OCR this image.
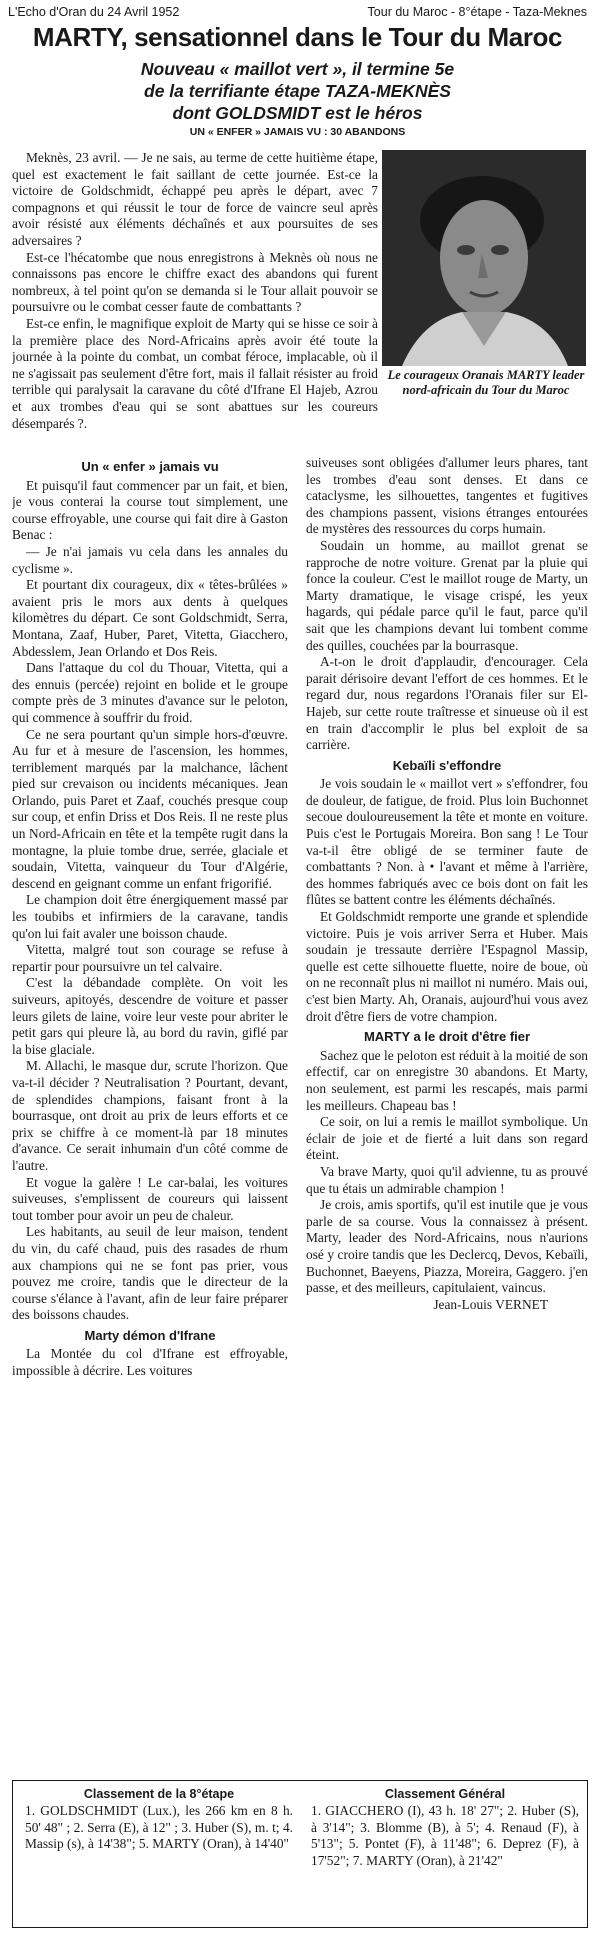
L'Echo d'Oran du 24 Avril 1952	Tour du Maroc - 8°étape - Taza-Meknes
MARTY, sensationnel dans le Tour du Maroc
Nouveau « maillot vert », il termine 5e
de la terrifiante étape TAZA-MEKNÈS
dont GOLDSMIDT est le héros
UN « ENFER » JAMAIS VU : 30 ABANDONS

Meknès, 23 avril. — Je ne sais, au terme de cette huitième étape, quel est exactement le fait saillant de cette journée. Est-ce la victoire de Goldschmidt, échappé peu après le départ, avec 7 compagnons et qui réussit le tour de force de vaincre seul après avoir résisté aux éléments déchaînés et aux poursuites de ses adversaires ?

Est-ce l'hécatombe que nous enregistrons à Meknès où nous ne connaissons pas encore le chiffre exact des abandons qui furent nombreux, à tel point qu'on se demanda si le Tour allait pouvoir se poursuivre ou le combat cesser faute de combattants ?

Est-ce enfin, le magnifique exploit de Marty qui se hisse ce soir à la première place des Nord-Africains après avoir été toute la journée à la pointe du combat, un combat féroce, implacable, où il ne s'agissait pas seulement d'être fort, mais il fallait résister au froid terrible qui paralysait la caravane du côté d'Ifrane El Hajeb, Azrou et aux trombes d'eau qui se sont abattues sur les coureurs désemparés ?.

Le courageux Oranais MARTY leader nord-africain du Tour du Maroc
Un « enfer » jamais vu

Et puisqu'il faut commencer par un fait, et bien, je vous conterai la course tout simplement, une course effroyable, une course qui fait dire à Gaston Benac :

— Je n'ai jamais vu cela dans les annales du cyclisme ».

Et pourtant dix courageux, dix « têtes-brûlées » avaient pris le mors aux dents à quelques kilomètres du départ. Ce sont Goldschmidt, Serra, Montana, Zaaf, Huber, Paret, Vitetta, Giacchero, Abdesslem, Jean Orlando et Dos Reis.

Dans l'attaque du col du Thouar, Vitetta, qui a des ennuis (percée) rejoint en bolide et le groupe compte près de 3 minutes d'avance sur le peloton, qui commence à souffrir du froid.

Ce ne sera pourtant qu'un simple hors-d'œuvre. Au fur et à mesure de l'ascension, les hommes, terriblement marqués par la malchance, lâchent pied sur crevaison ou incidents mécaniques. Jean Orlando, puis Paret et Zaaf, couchés presque coup sur coup, et enfin Driss et Dos Reis. Il ne reste plus un Nord-Africain en tête et la tempête rugit dans la montagne, la pluie tombe drue, serrée, glaciale et soudain, Vitetta, vainqueur du Tour d'Algérie, descend en geignant comme un enfant frigorifié.

Le champion doit être énergiquement massé par les toubibs et infirmiers de la caravane, tandis qu'on lui fait avaler une boisson chaude.

Vitetta, malgré tout son courage se refuse à repartir pour poursuivre un tel calvaire.

C'est la débandade complète. On voit les suiveurs, apitoyés, descendre de voiture et passer leurs gilets de laine, voire leur veste pour abriter le petit gars qui pleure là, au bord du ravin, giflé par la bise glaciale.

M. Allachi, le masque dur, scrute l'horizon. Que va-t-il décider ? Neutralisation ? Pourtant, devant, de splendides champions, faisant front à la bourrasque, ont droit au prix de leurs efforts et ce prix se chiffre à ce moment-là par 18 minutes d'avance. Ce serait inhumain d'un côté comme de l'autre.

Et vogue la galère ! Le car-balai, les voitures suiveuses, s'emplissent de coureurs qui laissent tout tomber pour avoir un peu de chaleur.

Les habitants, au seuil de leur maison, tendent du vin, du café chaud, puis des rasades de rhum aux champions qui ne se font pas prier, vous pouvez me croire, tandis que le directeur de la course s'élance à l'avant, afin de leur faire préparer des boissons chaudes.

Marty démon d'Ifrane

La Montée du col d'Ifrane est effroyable, impossible à décrire. Les voitures

suiveuses sont obligées d'allumer leurs phares, tant les trombes d'eau sont denses. Et dans ce cataclysme, les silhouettes, tangentes et fugitives des champions passent, visions étranges entourées de mystères des ressources du corps humain.

Soudain un homme, au maillot grenat se rapproche de notre voiture. Grenat par la pluie qui fonce la couleur. C'est le maillot rouge de Marty, un Marty dramatique, le visage crispé, les yeux hagards, qui pédale parce qu'il le faut, parce qu'il sait que les champions devant lui tombent comme des quilles, couchées par la bourrasque.

A-t-on le droit d'applaudir, d'encourager. Cela parait dérisoire devant l'effort de ces hommes. Et le regard dur, nous regardons l'Oranais filer sur El-Hajeb, sur cette route traîtresse et sinueuse où il est en train d'accomplir le plus bel exploit de sa carrière.

Kebaïli s'effondre

Je vois soudain le « maillot vert » s'effondrer, fou de douleur, de fatigue, de froid. Plus loin Buchonnet secoue douloureusement la tête et monte en voiture. Puis c'est le Portugais Moreira. Bon sang ! Le Tour va-t-il être obligé de se terminer faute de combattants ? Non. à • l'avant et même à l'arrière, des hommes fabriqués avec ce bois dont on fait les flûtes se battent contre les éléments déchaînés.

Et Goldschmidt remporte une grande et splendide victoire. Puis je vois arriver Serra et Huber. Mais soudain je tressaute derrière l'Espagnol Massip, quelle est cette silhouette fluette, noire de boue, où on ne reconnaît plus ni maillot ni numéro. Mais oui, c'est bien Marty. Ah, Oranais, aujourd'hui vous avez droit d'être fiers de votre champion.

MARTY a le droit d'être fier

Sachez que le peloton est réduit à la moitié de son effectif, car on enregistre 30 abandons. Et Marty, non seulement, est parmi les rescapés, mais parmi les meilleurs. Chapeau bas !

Ce soir, on lui a remis le maillot symbolique. Un éclair de joie et de fierté a luit dans son regard éteint.

Va brave Marty, quoi qu'il advienne, tu as prouvé que tu étais un admirable champion !

Je crois, amis sportifs, qu'il est inutile que je vous parle de sa course. Vous la connaissez à présent. Marty, leader des Nord-Africains, nous n'aurions osé y croire tandis que les Declercq, Devos, Kebaïli, Buchonnet, Baeyens, Piazza, Moreira, Gaggero. j'en passe, et des meilleurs, capitulaient, vaincus.

Jean-Louis VERNET
Classement de la 8°étape
1. GOLDSCHMIDT (Lux.), les 266 km en 8 h. 50' 48" ; 2. Serra (E), à 12" ; 3. Huber (S), m. t; 4. Massip (s), à 14'38"; 5. MARTY (Oran), à 14'40"
Classement Général
1. GIACCHERO (I), 43 h. 18' 27"; 2. Huber (S), à 3'14"; 3. Blomme (B), à 5'; 4. Renaud (F), à 5'13"; 5. Pontet (F), à 11'48"; 6. Deprez (F), à 17'52"; 7. MARTY (Oran), à 21'42"
